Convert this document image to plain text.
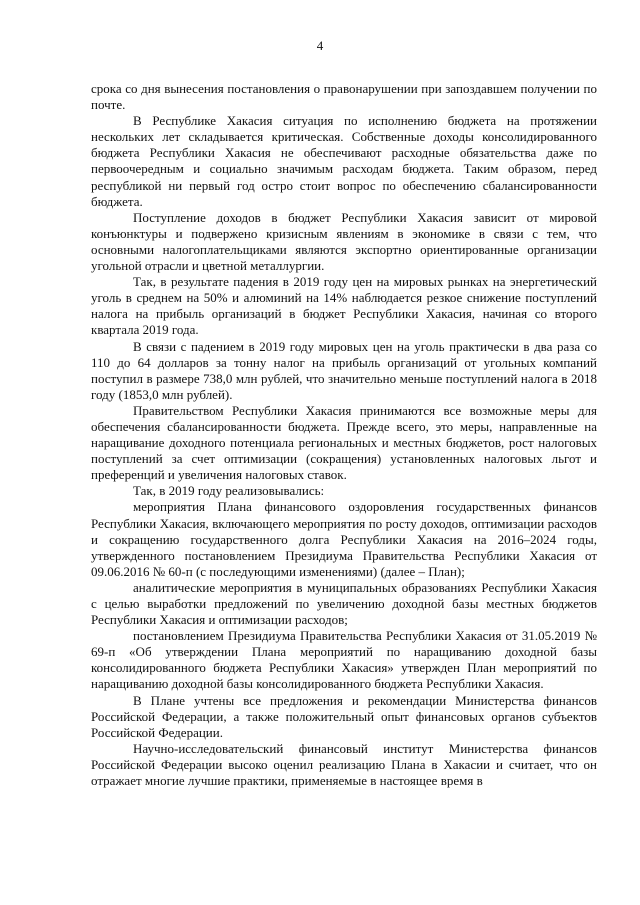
4

срока со дня вынесения постановления о правонарушении при запоздавшем получении по почте.

В Республике Хакасия ситуация по исполнению бюджета на протяжении нескольких лет складывается критическая. Собственные доходы консолидированного бюджета Республики Хакасия не обеспечивают расходные обязательства даже по первоочередным и социально значимым расходам бюджета. Таким образом, перед республикой ни первый год остро стоит вопрос по обеспечению сбалансированности бюджета.

Поступление доходов в бюджет Республики Хакасия зависит от мировой конъюнктуры и подвержено кризисным явлениям в экономике в связи с тем, что основными налогоплательщиками являются экспортно ориентированные организации угольной отрасли и цветной металлургии.

Так, в результате падения в 2019 году цен на мировых рынках на энергетический уголь в среднем на 50% и алюминий на 14% наблюдается резкое снижение поступлений налога на прибыль организаций в бюджет Республики Хакасия, начиная со второго квартала 2019 года.

В связи с падением в 2019 году мировых цен на уголь практически в два раза со 110 до 64 долларов за тонну налог на прибыль организаций от угольных компаний поступил в размере 738,0 млн рублей, что значительно меньше поступлений налога в 2018 году (1853,0 млн рублей).

Правительством Республики Хакасия принимаются все возможные меры для обеспечения сбалансированности бюджета. Прежде всего, это меры, направленные на наращивание доходного потенциала региональных и местных бюджетов, рост налоговых поступлений за счет оптимизации (сокращения) установленных налоговых льгот и преференций и увеличения налоговых ставок.

Так, в 2019 году реализовывались:

мероприятия Плана финансового оздоровления государственных финансов Республики Хакасия, включающего мероприятия по росту доходов, оптимизации расходов и сокращению государственного долга Республики Хакасия на 2016–2024 годы, утвержденного постановлением Президиума Правительства Республики Хакасия от 09.06.2016 № 60-п (с последующими изменениями) (далее – План);

аналитические мероприятия в муниципальных образованиях Республики Хакасия с целью выработки предложений по увеличению доходной базы местных бюджетов Республики Хакасия и оптимизации расходов;

постановлением Президиума Правительства Республики Хакасия от 31.05.2019 № 69-п «Об утверждении Плана мероприятий по наращиванию доходной базы консолидированного бюджета Республики Хакасия» утвержден План мероприятий по наращиванию доходной базы консолидированного бюджета Республики Хакасия.

В Плане учтены все предложения и рекомендации Министерства финансов Российской Федерации, а также положительный опыт финансовых органов субъектов Российской Федерации.

Научно-исследовательский финансовый институт Министерства финансов Российской Федерации высоко оценил реализацию Плана в Хакасии и считает, что он отражает многие лучшие практики, применяемые в настоящее время в
